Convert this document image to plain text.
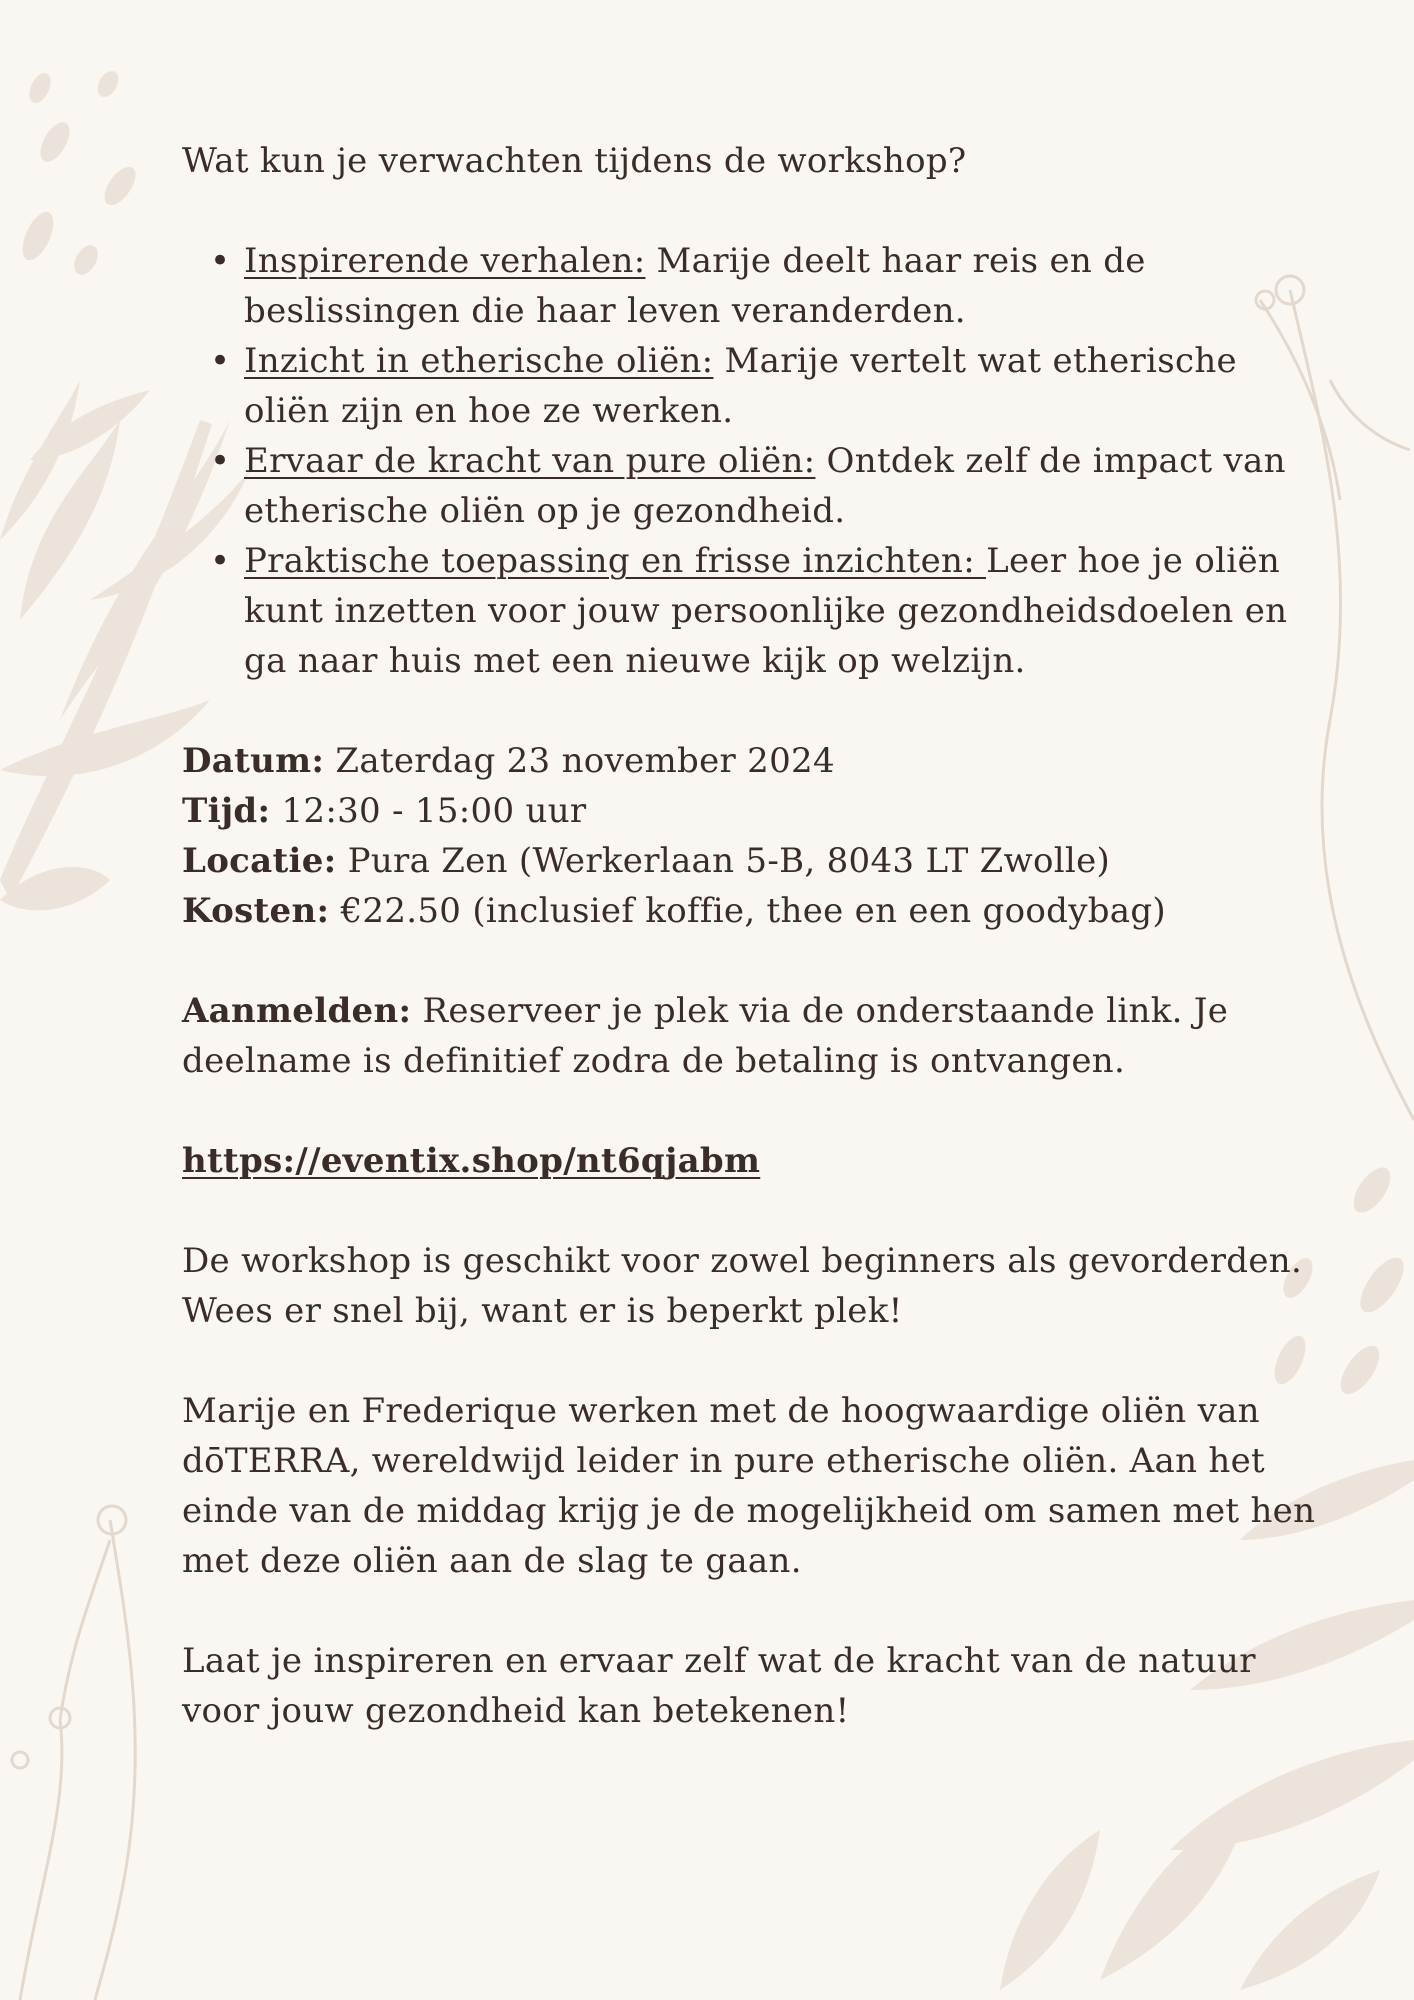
Wat kun je verwachten tijdens de workshop?
• Inspirerende verhalen: Marije deelt haar reis en de beslissingen die haar leven veranderden.
• Inzicht in etherische oliën: Marije vertelt wat etherische oliën zijn en hoe ze werken.
• Ervaar de kracht van pure oliën: Ontdek zelf de impact van etherische oliën op je gezondheid.
• Praktische toepassing en frisse inzichten: Leer hoe je oliën kunt inzetten voor jouw persoonlijke gezondheidsdoelen en ga naar huis met een nieuwe kijk op welzijn.
Datum: Zaterdag 23 november 2024
Tijd: 12:30 - 15:00 uur
Locatie: Pura Zen (Werkerlaan 5-B, 8043 LT Zwolle)
Kosten: €22.50 (inclusief koffie, thee en een goodybag)

Aanmelden: Reserveer je plek via de onderstaande link. Je deelname is definitief zodra de betaling is ontvangen.

https://eventix.shop/nt6qjabm

De workshop is geschikt voor zowel beginners als gevorderden. Wees er snel bij, want er is beperkt plek!

Marije en Frederique werken met de hoogwaardige oliën van dōTERRA, wereldwijd leider in pure etherische oliën. Aan het einde van de middag krijg je de mogelijkheid om samen met hen met deze oliën aan de slag te gaan.

Laat je inspireren en ervaar zelf wat de kracht van de natuur voor jouw gezondheid kan betekenen!
